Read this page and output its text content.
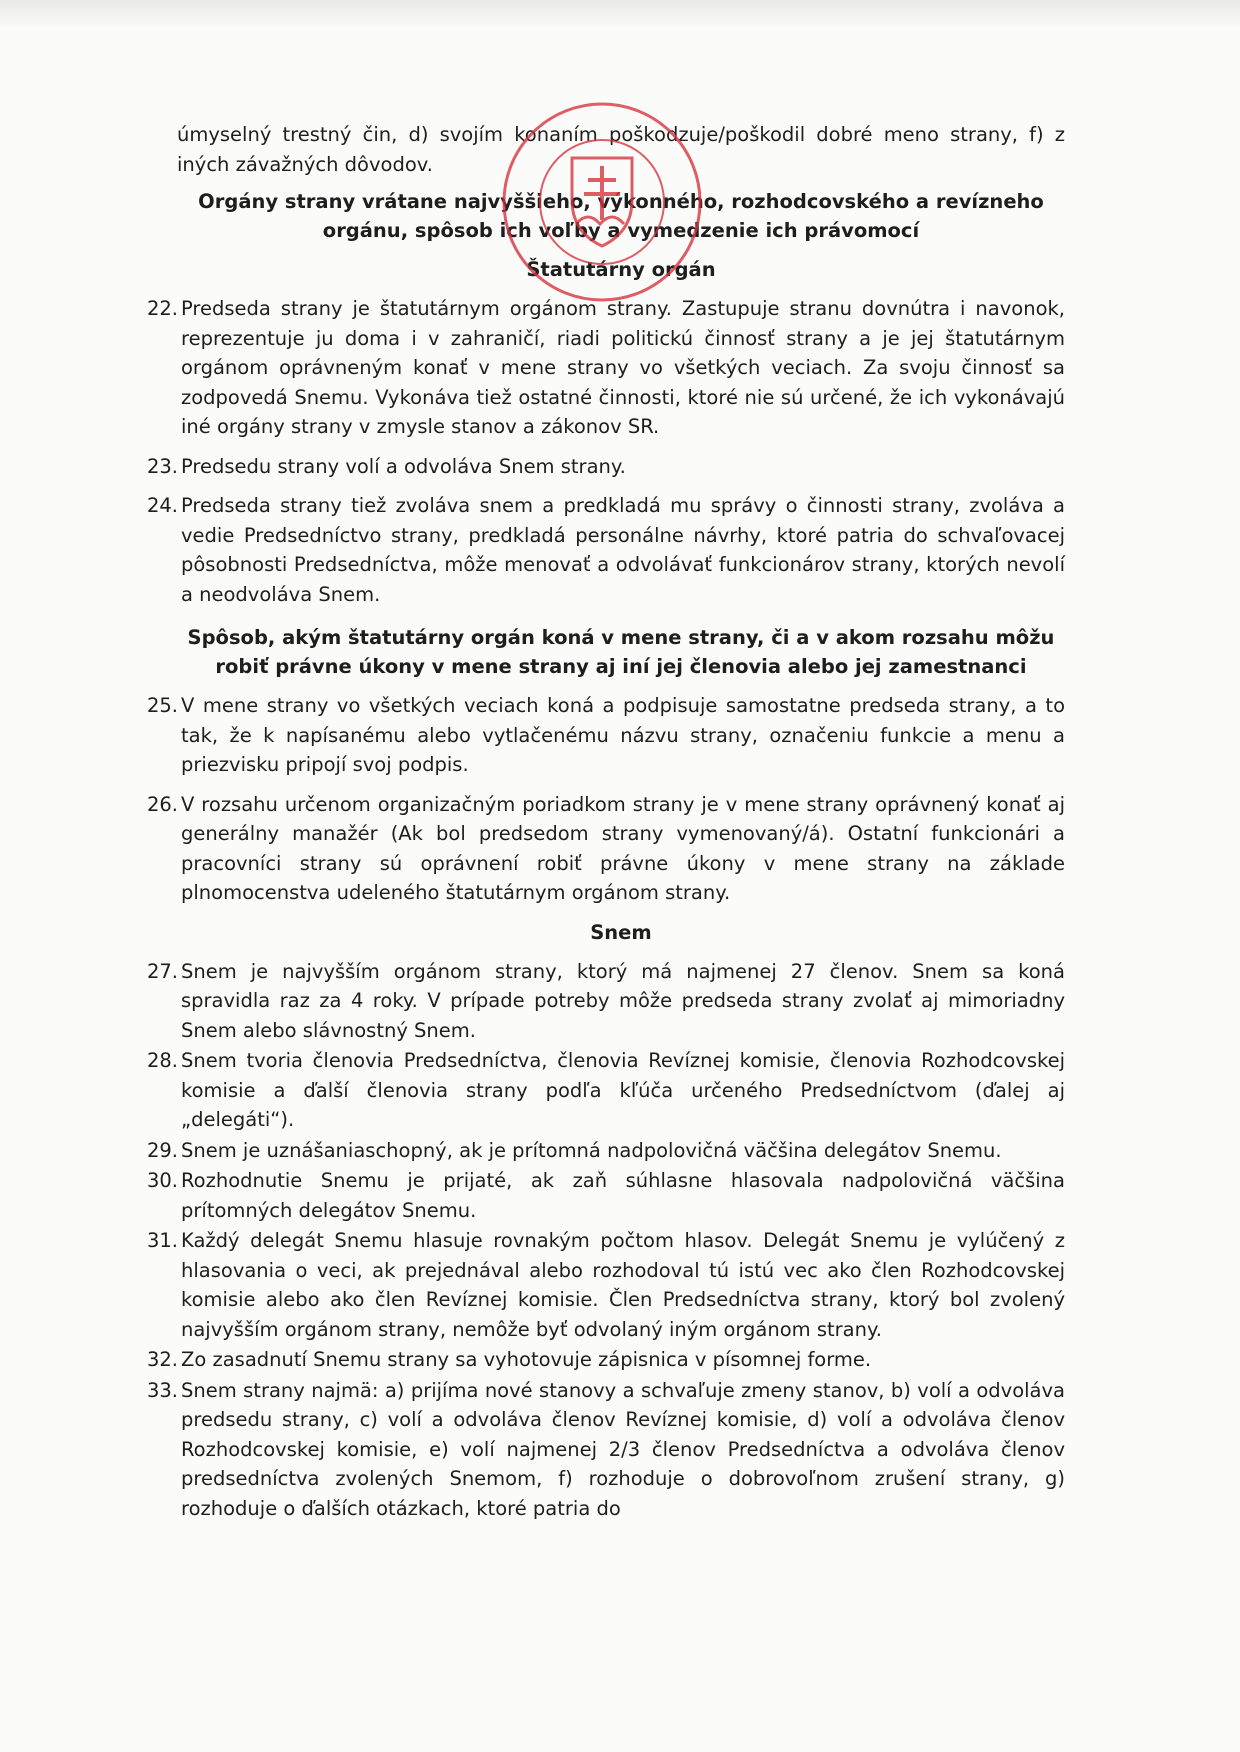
úmyselný trestný čin, d) svojím konaním poškodzuje/poškodil dobré meno strany, f) z iných závažných dôvodov.

Orgány strany vrátane najvyššieho, výkonného, rozhodcovského a revízneho orgánu, spôsob ich voľby a vymedzenie ich právomocí
Štatutárny orgán
22. Predseda strany je štatutárnym orgánom strany. Zastupuje stranu dovnútra i navonok, reprezentuje ju doma i v zahraničí, riadi politickú činnosť strany a je jej štatutárnym orgánom oprávneným konať v mene strany vo všetkých veciach. Za svoju činnosť sa zodpovedá Snemu. Vykonáva tiež ostatné činnosti, ktoré nie sú určené, že ich vykonávajú iné orgány strany v zmysle stanov a zákonov SR.
23. Predsedu strany volí a odvoláva Snem strany.
24. Predseda strany tiež zvoláva snem a predkladá mu správy o činnosti strany, zvoláva a vedie Predsedníctvo strany, predkladá personálne návrhy, ktoré patria do schvaľovacej pôsobnosti Predsedníctva, môže menovať a odvolávať funkcionárov strany, ktorých nevolí a neodvoláva Snem.
Spôsob, akým štatutárny orgán koná v mene strany, či a v akom rozsahu môžu robiť právne úkony v mene strany aj iní jej členovia alebo jej zamestnanci
25. V mene strany vo všetkých veciach koná a podpisuje samostatne predseda strany, a to tak, že k napísanému alebo vytlačenému názvu strany, označeniu funkcie a menu a priezvisku pripojí svoj podpis.
26. V rozsahu určenom organizačným poriadkom strany je v mene strany oprávnený konať aj generálny manažér (Ak bol predsedom strany vymenovaný/á). Ostatní funkcionári a pracovníci strany sú oprávnení robiť právne úkony v mene strany na základe plnomocenstva udeleného štatutárnym orgánom strany.
Snem
27. Snem je najvyšším orgánom strany, ktorý má najmenej 27 členov. Snem sa koná spravidla raz za 4 roky. V prípade potreby môže predseda strany zvolať aj mimoriadny Snem alebo slávnostný Snem.
28. Snem tvoria členovia Predsedníctva, členovia Revíznej komisie, členovia Rozhodcovskej komisie a ďalší členovia strany podľa kľúča určeného Predsedníctvom (ďalej aj „delegáti“).
29. Snem je uznášaniaschopný, ak je prítomná nadpolovičná väčšina delegátov Snemu.
30. Rozhodnutie Snemu je prijaté, ak zaň súhlasne hlasovala nadpolovičná väčšina prítomných delegátov Snemu.
31. Každý delegát Snemu hlasuje rovnakým počtom hlasov. Delegát Snemu je vylúčený z hlasovania o veci, ak prejednával alebo rozhodoval tú istú vec ako člen Rozhodcovskej komisie alebo ako člen Revíznej komisie. Člen Predsedníctva strany, ktorý bol zvolený najvyšším orgánom strany, nemôže byť odvolaný iným orgánom strany.
32. Zo zasadnutí Snemu strany sa vyhotovuje zápisnica v písomnej forme.
33. Snem strany najmä: a) prijíma nové stanovy a schvaľuje zmeny stanov, b) volí a odvoláva predsedu strany, c) volí a odvoláva členov Revíznej komisie, d) volí a odvoláva členov Rozhodcovskej komisie, e) volí najmenej 2/3 členov Predsedníctva a odvoláva členov predsedníctva zvolených Snemom, f) rozhoduje o dobrovoľnom zrušení strany, g) rozhoduje o ďalších otázkach, ktoré patria do
